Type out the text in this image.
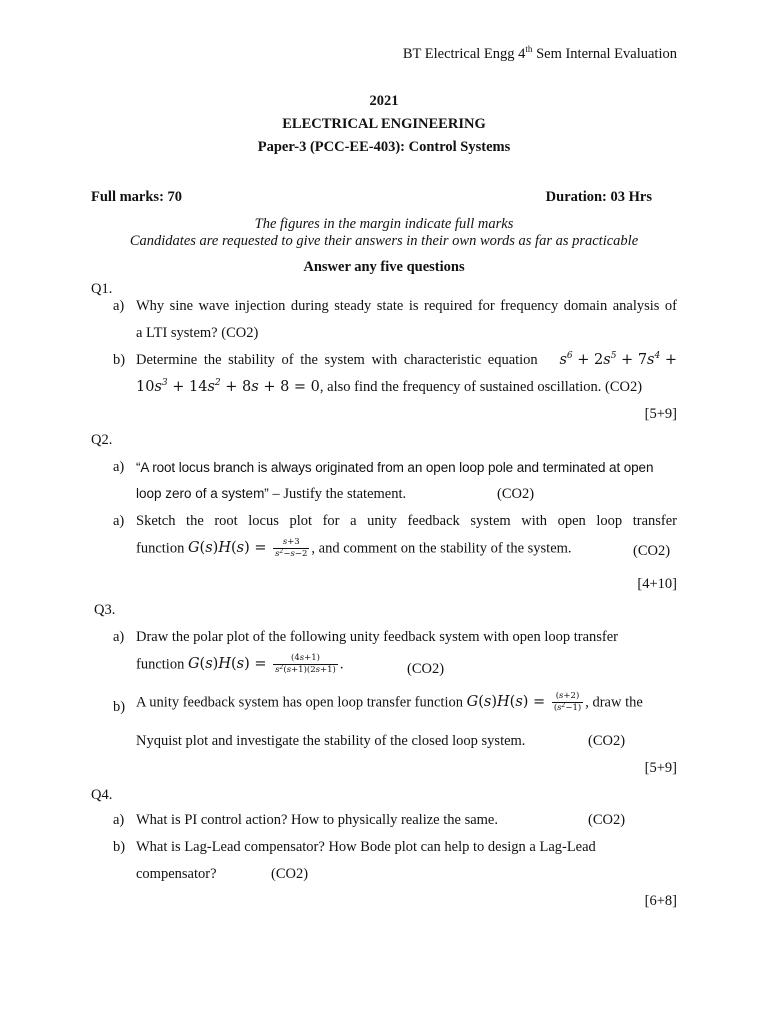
BT Electrical Engg 4th Sem Internal Evaluation
2021
ELECTRICAL ENGINEERING
Paper-3 (PCC-EE-403): Control Systems
Full marks: 70	Duration: 03 Hrs
The figures in the margin indicate full marks
Candidates are requested to give their answers in their own words as far as practicable
Answer any five questions
Q1.
a) Why sine wave injection during steady state is required for frequency domain analysis of
a LTI system? (CO2)
b) Determine the stability of the system with characteristic equation $s^6 + 2s^5 + 7s^4$ +
$10s^3 + 14s^2 + 8s + 8 = 0$, also find the frequency of sustained oscillation. (CO2)
[5+9]
Q2.
a) “A root locus branch is always originated from an open loop pole and terminated at open
loop zero of a system” – Justify the statement.	(CO2)
a) Sketch the root locus plot for a unity feedback system with open loop transfer
function $G(s)H(s) = \frac{s+3}{s^2-s-2}$ , and comment on the stability of the system.	(CO2)
[4+10]
Q3.
a) Draw the polar plot of the following unity feedback system with open loop transfer
function $G(s)H(s) = \frac{(4s+1)}{s^2(s+1)(2s+1)}$ .	(CO2)
b) A unity feedback system has open loop transfer function $G(s)H(s) = \frac{(s+2)}{(s^2-1)}$ , draw the
Nyquist plot and investigate the stability of the closed loop system.	(CO2)
[5+9]
Q4.
a) What is PI control action? How to physically realize the same.	(CO2)
b) What is Lag-Lead compensator? How Bode plot can help to design a Lag-Lead
compensator?	(CO2)
[6+8]
